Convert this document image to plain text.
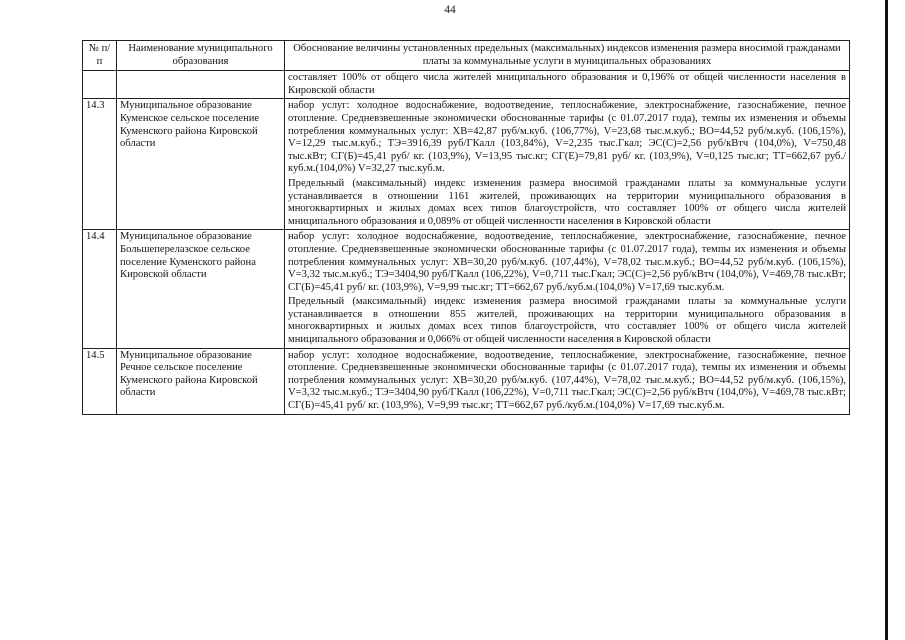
44
№ п/п	Наименование муниципального образования	Обоснование величины установленных предельных (максимальных) индексов изменения размера вносимой гражданами платы за коммунальные услуги в муниципальных образованиях
		составляет 100% от общего числа жителей мниципального образования и 0,196% от общей численности населения в Кировской области
14.3	Муниципальное образование Куменское сельское поселение Куменского района Кировской области	набор услуг: холодное водоснабжение, водоотведение, теплоснабжение, электроснабжение, газоснабжение, печное отопление. Средневзвешенные экономически обоснованные тарифы (с 01.07.2017 года), темпы их изменения и объемы потребления коммунальных услуг: ХВ=42,87 руб/м.куб. (106,77%), V=23,68 тыс.м.куб.; ВО=44,52 руб/м.куб. (106,15%), V=12,29 тыс.м.куб.; ТЭ=3916,39 руб/ГКалл (103,84%), V=2,235 тыс.Гкал; ЭС(С)=2,56 руб/кВтч (104,0%), V=750,48 тыс.кВт; СГ(Б)=45,41 руб/ кг. (103,9%), V=13,95 тыс.кг; СГ(Е)=79,81 руб/ кг. (103,9%), V=0,125 тыс.кг; ТТ=662,67 руб./куб.м.(104,0%) V=32,27 тыс.куб.м.
Предельный (максимальный) индекс изменения размера вносимой гражданами платы за коммунальные услуги устанавливается в отношении 1161 жителей, проживающих на территории муниципального образования в многоквартирных и жилых домах всех типов благоустройств, что составляет 100% от общего числа жителей мниципального образования и 0,089% от общей численности населения в Кировской области

14.4	Муниципальное образование Большеперелазское сельское поселение Куменского района Кировской области	набор услуг: холодное водоснабжение, водоотведение, теплоснабжение, электроснабжение, газоснабжение, печное отопление. Средневзвешенные экономически обоснованные тарифы (с 01.07.2017 года), темпы их изменения и объемы потребления коммунальных услуг: ХВ=30,20 руб/м.куб. (107,44%), V=78,02 тыс.м.куб.; ВО=44,52 руб/м.куб. (106,15%), V=3,32 тыс.м.куб.; ТЭ=3404,90 руб/ГКалл (106,22%), V=0,711 тыс.Гкал; ЭС(С)=2,56 руб/кВтч (104,0%), V=469,78 тыс.кВт; СГ(Б)=45,41 руб/ кг. (103,9%), V=9,99 тыс.кг; ТТ=662,67 руб./куб.м.(104,0%) V=17,69 тыс.куб.м.
Предельный (максимальный) индекс изменения размера вносимой гражданами платы за коммунальные услуги устанавливается в отношении 855 жителей, проживающих на территории муниципального образования в многоквартирных и жилых домах всех типов благоустройств, что составляет 100% от общего числа жителей мниципального образования и 0,066% от общей численности населения в Кировской области

14.5	Муниципальное образование Речное сельское поселение Куменского района Кировской области	набор услуг: холодное водоснабжение, водоотведение, теплоснабжение, электроснабжение, газоснабжение, печное отопление. Средневзвешенные экономически обоснованные тарифы (с 01.07.2017 года), темпы их изменения и объемы потребления коммунальных услуг: ХВ=30,20 руб/м.куб. (107,44%), V=78,02 тыс.м.куб.; ВО=44,52 руб/м.куб. (106,15%), V=3,32 тыс.м.куб.; ТЭ=3404,90 руб/ГКалл (106,22%), V=0,711 тыс.Гкал; ЭС(С)=2,56 руб/кВтч (104,0%), V=469,78 тыс.кВт; СГ(Б)=45,41 руб/ кг. (103,9%), V=9,99 тыс.кг; ТТ=662,67 руб./куб.м.(104,0%) V=17,69 тыс.куб.м.
